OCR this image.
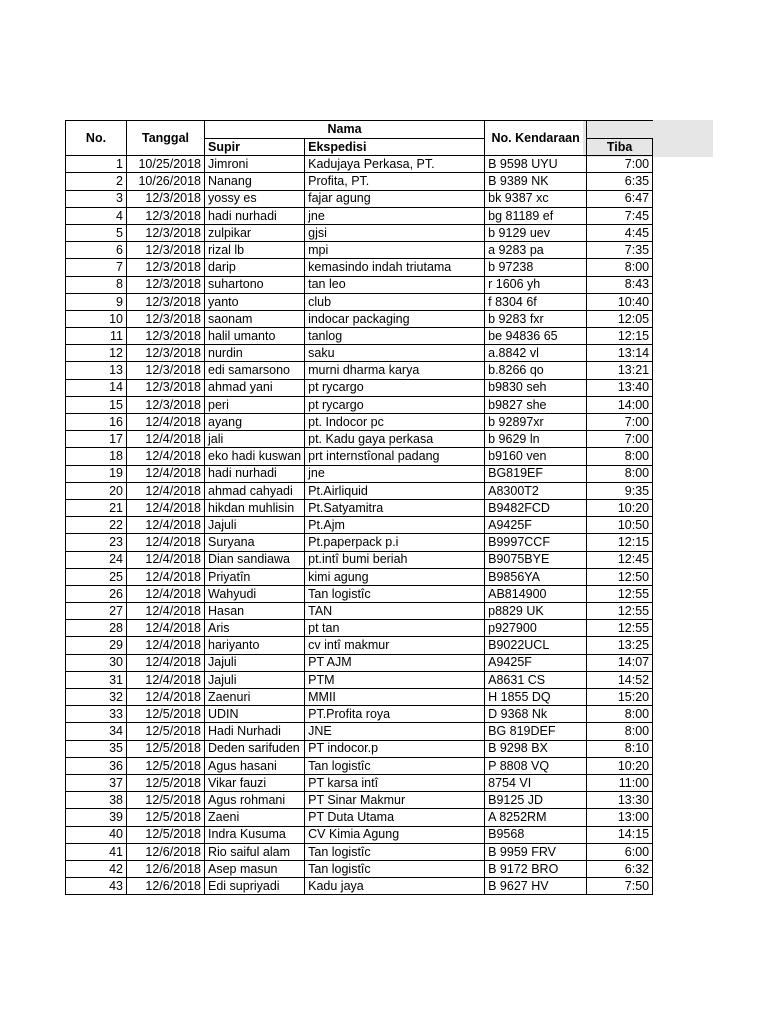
No.	Tanggal	Nama		No. Kendaraan	
		Supir	Ekspedisi		Tiba
1	10/25/2018	Jimroni	Kadujaya Perkasa, PT.	B 9598 UYU	7:00
2	10/26/2018	Nanang	Profita, PT.	B 9389 NK	6:35
3	12/3/2018	yossy es	fajar agung	bk 9387 xc	6:47
4	12/3/2018	hadi nurhadi	jne	bg 81189 ef	7:45
5	12/3/2018	zulpikar	gjsi	b 9129 uev	4:45
6	12/3/2018	rizal lb	mpi	a 9283 pa	7:35
7	12/3/2018	darip	kemasindo indah triutama	b 97238	8:00
8	12/3/2018	suhartono	tan leo	r 1606 yh	8:43
9	12/3/2018	yanto	club	f 8304 6f	10:40
10	12/3/2018	saonam	indocar packaging	b 9283 fxr	12:05
11	12/3/2018	halil umanto	tanlog	be 94836 65	12:15
12	12/3/2018	nurdin	saku	a.8842 vl	13:14
13	12/3/2018	edi samarsono	murni dharma karya	b.8266 qo	13:21
14	12/3/2018	ahmad yani	pt rycargo	b9830 seh	13:40
15	12/3/2018	peri	pt rycargo	b9827 she	14:00
16	12/4/2018	ayang	pt. Indocor pc	b 92897xr	7:00
17	12/4/2018	jali	pt. Kadu gaya perkasa	b 9629 ln	7:00
18	12/4/2018	eko hadi kuswan	prt internstîonal padang	b9160 ven	8:00
19	12/4/2018	hadi nurhadi	jne	BG819EF	8:00
20	12/4/2018	ahmad cahyadi	Pt.Airliquid	A8300T2	9:35
21	12/4/2018	hikdan muhlisin	Pt.Satyamitra	B9482FCD	10:20
22	12/4/2018	Jajuli	Pt.Ajm	A9425F	10:50
23	12/4/2018	Suryana	Pt.paperpack p.i	B9997CCF	12:15
24	12/4/2018	Dian sandiawa	pt.intî bumi beriah	B9075BYE	12:45
25	12/4/2018	Priyatîn	kimi agung	B9856YA	12:50
26	12/4/2018	Wahyudi	Tan logistîc	AB814900	12:55
27	12/4/2018	Hasan	TAN	p8829 UK	12:55
28	12/4/2018	Aris	pt tan	p927900	12:55
29	12/4/2018	hariyanto	cv intî makmur	B9022UCL	13:25
30	12/4/2018	Jajuli	PT AJM	A9425F	14:07
31	12/4/2018	Jajuli	PTM	A8631 CS	14:52
32	12/4/2018	Zaenuri	MMII	H 1855 DQ	15:20
33	12/5/2018	UDIN	PT.Profita roya	D 9368 Nk	8:00
34	12/5/2018	Hadi Nurhadi	JNE	BG 819DEF	8:00
35	12/5/2018	Deden sarifuden	PT indocor.p	B 9298 BX	8:10
36	12/5/2018	Agus hasani	Tan logistîc	P 8808 VQ	10:20
37	12/5/2018	Vikar fauzi	PT karsa intî	8754 VI	11:00
38	12/5/2018	Agus rohmani	PT Sinar Makmur	B9125 JD	13:30
39	12/5/2018	Zaeni	PT Duta Utama	A 8252RM	13:00
40	12/5/2018	Indra Kusuma	CV Kimia Agung	B9568	14:15
41	12/6/2018	Rio saiful alam	Tan logistîc	B 9959 FRV	6:00
42	12/6/2018	Asep masun	Tan logistîc	B 9172 BRO	6:32
43	12/6/2018	Edi supriyadi	Kadu jaya	B 9627 HV	7:50
